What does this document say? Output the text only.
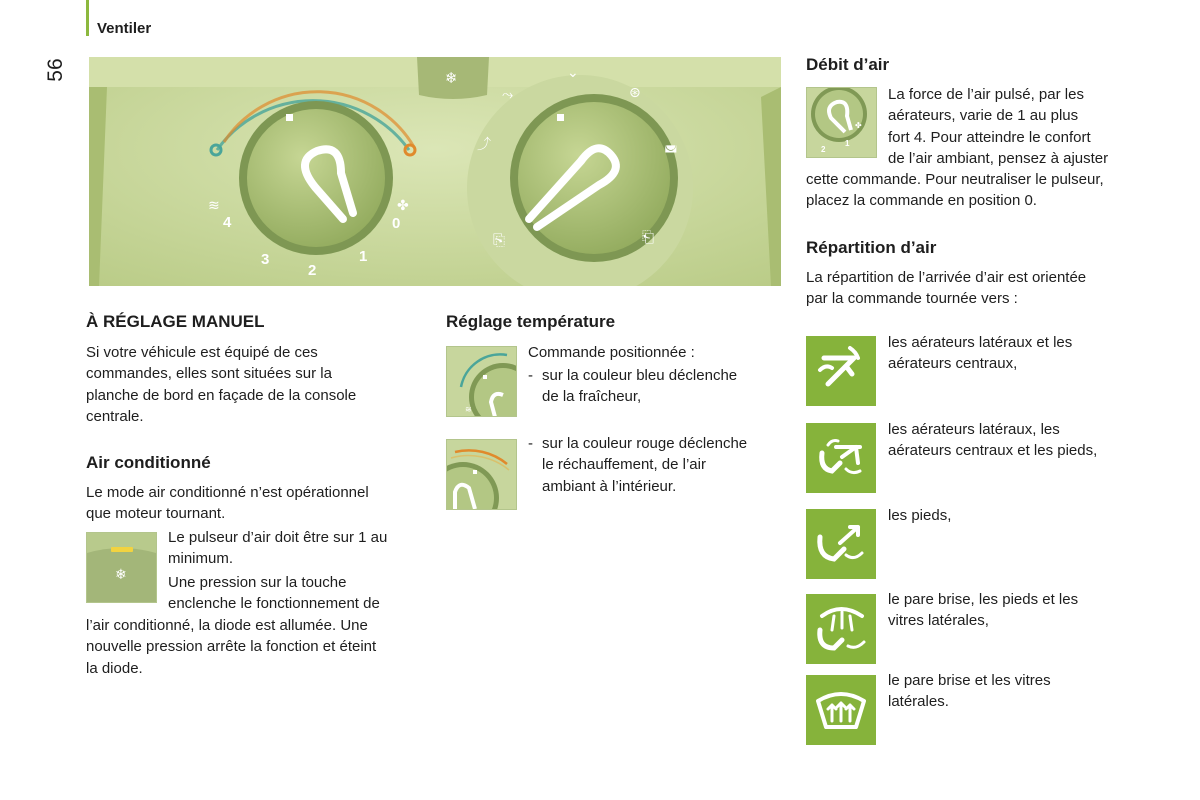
Ventiler
56	❄
≋	✤
4
3
2
1
0
⤳
⌄
⊛
⤴	◛
⎘	⎗
À RÉGLAGE MANUEL
Si votre véhicule est équipé de ces
commandes, elles sont situées sur la
planche de bord en façade de la console
centrale.
Air conditionné
Le mode air conditionné n’est opérationnel
que moteur tournant.
❄
Le pulseur d’air doit être sur 1 au
minimum.
Une pression sur la touche
enclenche le fonctionnement de
l’air conditionné, la diode est allumée. Une
nouvelle pression arrête la fonction et éteint
la diode.
Réglage température
≋
Commande positionnée :
- sur la couleur bleu déclenche
de la fraîcheur,
- sur la couleur rouge déclenche
le réchauffement, de l’air
ambiant à l’intérieur.
Débit d’air
✤
2
1
La force de l’air pulsé, par les
aérateurs, varie de 1 au plus
fort 4. Pour atteindre le confort
de l’air ambiant, pensez à ajuster
cette commande. Pour neutraliser le pulseur,
placez la commande en position 0.
Répartition d’air
La répartition de l’arrivée d’air est orientée
par la commande tournée vers :
les aérateurs latéraux et les
aérateurs centraux,
les aérateurs latéraux, les
aérateurs centraux et les pieds,
les pieds,
le pare brise, les pieds et les
vitres latérales,
le pare brise et les vitres
latérales.
